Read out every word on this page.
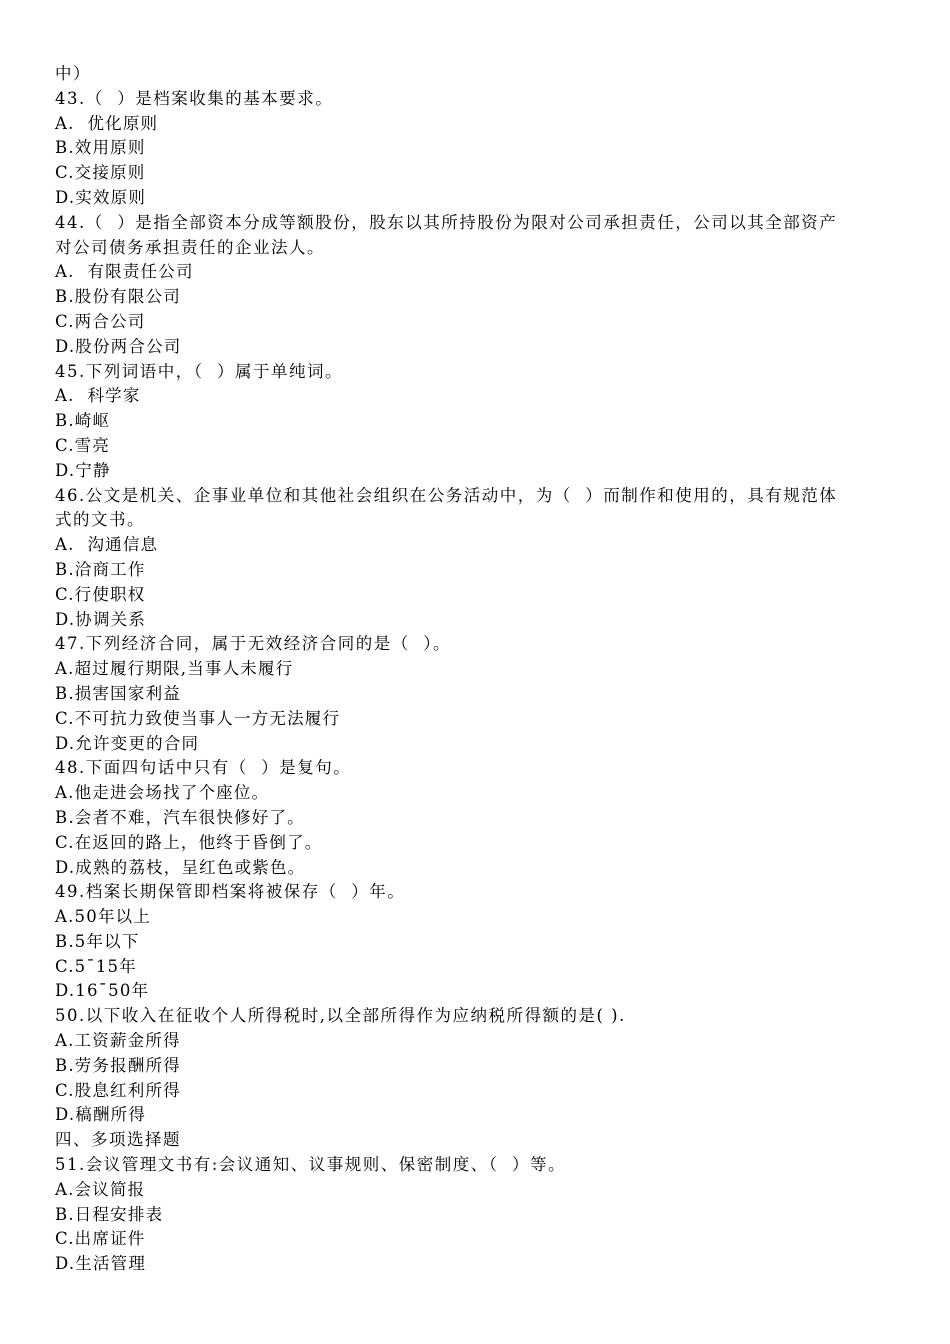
中）
43.（  ）是档案收集的基本要求。
A.  优化原则
B.效用原则
C.交接原则
D.实效原则
44.（  ）是指全部资本分成等额股份，股东以其所持股份为限对公司承担责任，公司以其全部资产
对公司债务承担责任的企业法人。
A.  有限责任公司
B.股份有限公司
C.两合公司
D.股份两合公司
45.下列词语中，（  ）属于单纯词。
A.  科学家
B.崎岖
C.雪亮
D.宁静
46.公文是机关、企事业单位和其他社会组织在公务活动中，为（  ）而制作和使用的，具有规范体
式的文书。
A.  沟通信息
B.洽商工作
C.行使职权
D.协调关系
47.下列经济合同，属于无效经济合同的是（  ）。
A.超过履行期限,当事人未履行
B.损害国家利益
C.不可抗力致使当事人一方无法履行
D.允许变更的合同
48.下面四句话中只有（  ）是复句。
A.他走进会场找了个座位。
B.会者不难，汽车很快修好了。
C.在返回的路上，他终于昏倒了。
D.成熟的荔枝，呈红色或紫色。
49.档案长期保管即档案将被保存（  ）年。
A.50年以上
B.5年以下
C.5¯15年
D.16¯50年
50.以下收入在征收个人所得税时,以全部所得作为应纳税所得额的是( ).
A.工资薪金所得
B.劳务报酬所得
C.股息红利所得
D.稿酬所得
四、多项选择题
51.会议管理文书有:会议通知、议事规则、保密制度、（  ）等。
A.会议简报
B.日程安排表
C.出席证件
D.生活管理
